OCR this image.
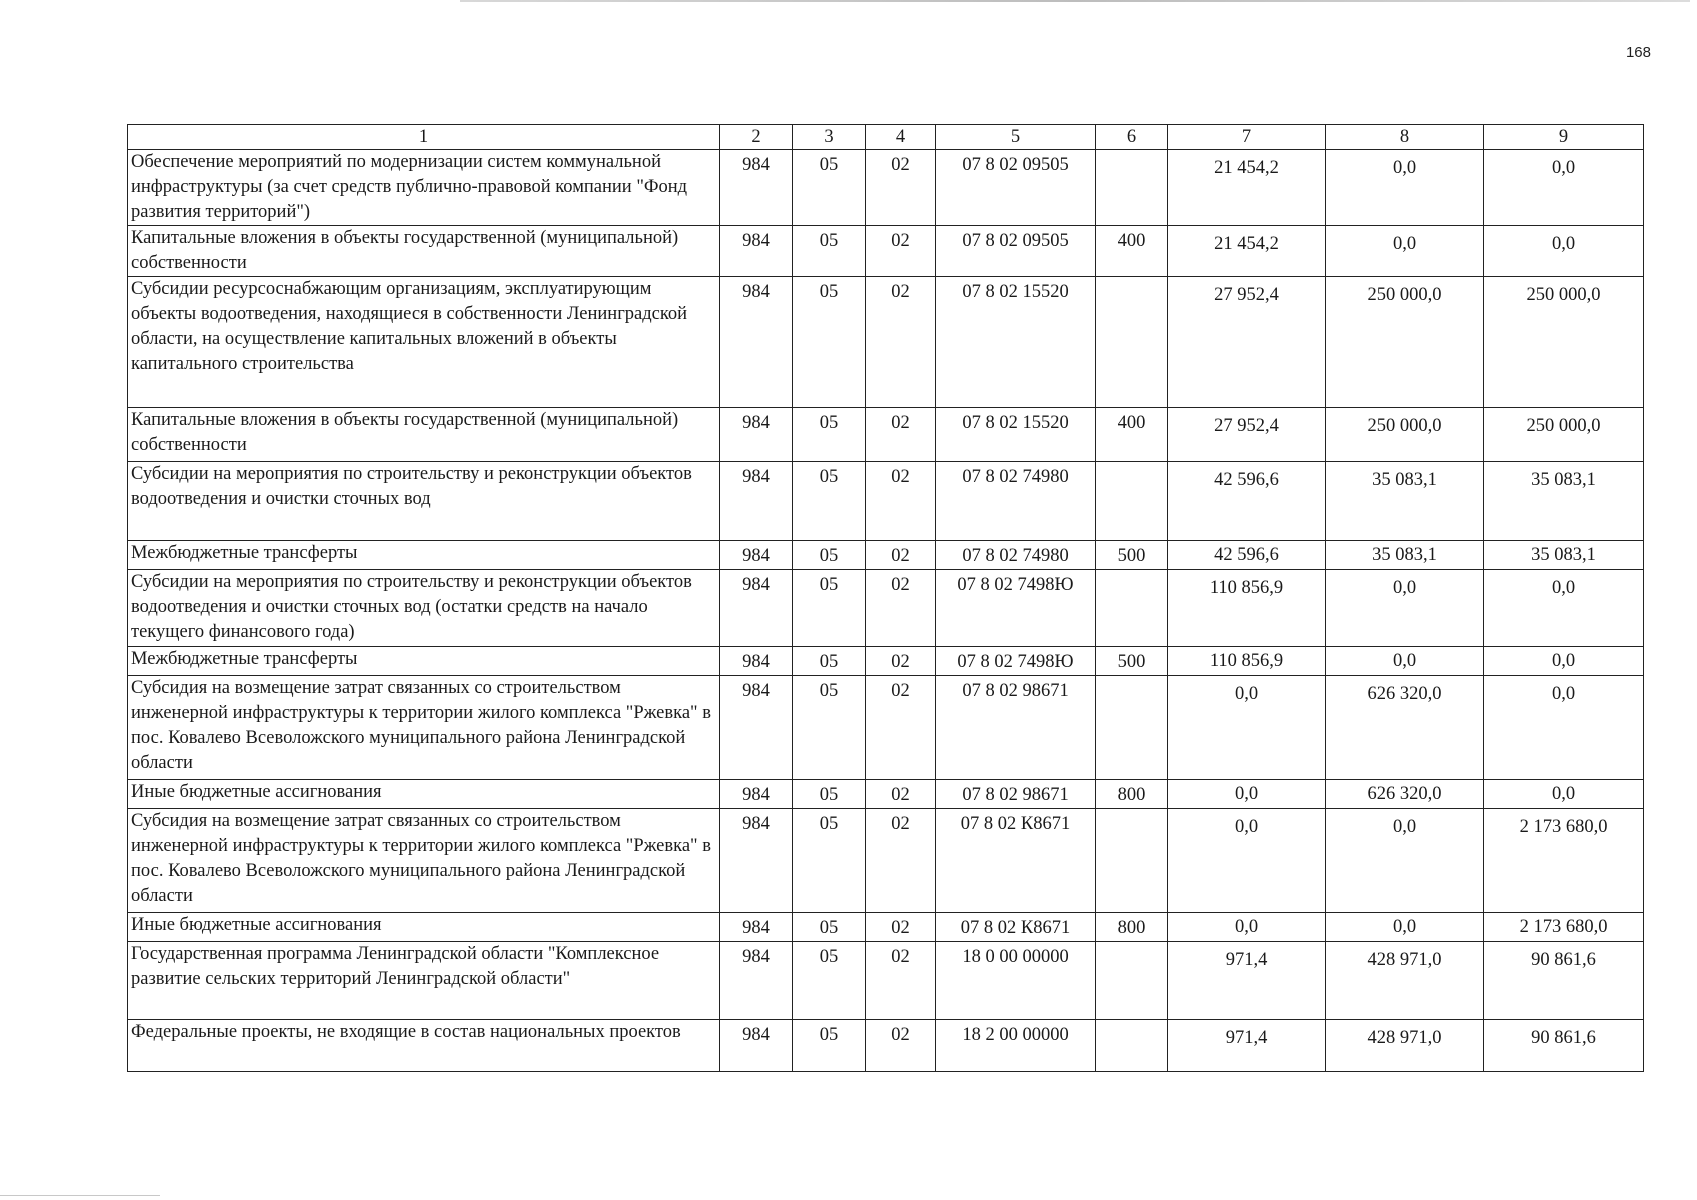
168
1	2	3	4	5	6	7	8	9
Обеспечение мероприятий по модернизации систем коммунальной инфраструктуры (за счет средств публично-правовой компании "Фонд развития территорий")	984	05	02	07 8 02 09505		21 454,2	0,0	0,0
Капитальные вложения в объекты государственной (муниципальной) собственности	984	05	02	07 8 02 09505	400	21 454,2	0,0	0,0
Субсидии ресурсоснабжающим организациям, эксплуатирующим объекты водоотведения, находящиеся в собственности Ленинградской области, на осуществление капитальных вложений в объекты капитального строительства	984	05	02	07 8 02 15520		27 952,4	250 000,0	250 000,0
Капитальные вложения в объекты государственной (муниципальной) собственности	984	05	02	07 8 02 15520	400	27 952,4	250 000,0	250 000,0
Субсидии на мероприятия по строительству и реконструкции объектов водоотведения и очистки сточных вод	984	05	02	07 8 02 74980		42 596,6	35 083,1	35 083,1
Межбюджетные трансферты	984	05	02	07 8 02 74980	500	42 596,6	35 083,1	35 083,1
Субсидии на мероприятия по строительству и реконструкции объектов водоотведения и очистки сточных вод (остатки средств на начало текущего финансового года)	984	05	02	07 8 02 7498Ю		110 856,9	0,0	0,0
Межбюджетные трансферты	984	05	02	07 8 02 7498Ю	500	110 856,9	0,0	0,0
Субсидия на возмещение затрат связанных со строительством инженерной инфраструктуры к территории жилого комплекса "Ржевка" в пос. Ковалево Всеволожского муниципального района Ленинградской области	984	05	02	07 8 02 98671		0,0	626 320,0	0,0
Иные бюджетные ассигнования	984	05	02	07 8 02 98671	800	0,0	626 320,0	0,0
Субсидия на возмещение затрат связанных со строительством инженерной инфраструктуры к территории жилого комплекса "Ржевка" в пос. Ковалево Всеволожского муниципального района Ленинградской области	984	05	02	07 8 02 К8671		0,0	0,0	2 173 680,0
Иные бюджетные ассигнования	984	05	02	07 8 02 К8671	800	0,0	0,0	2 173 680,0
Государственная программа Ленинградской области "Комплексное развитие сельских территорий Ленинградской области"	984	05	02	18 0 00 00000		971,4	428 971,0	90 861,6
Федеральные проекты, не входящие в состав национальных проектов	984	05	02	18 2 00 00000		971,4	428 971,0	90 861,6
